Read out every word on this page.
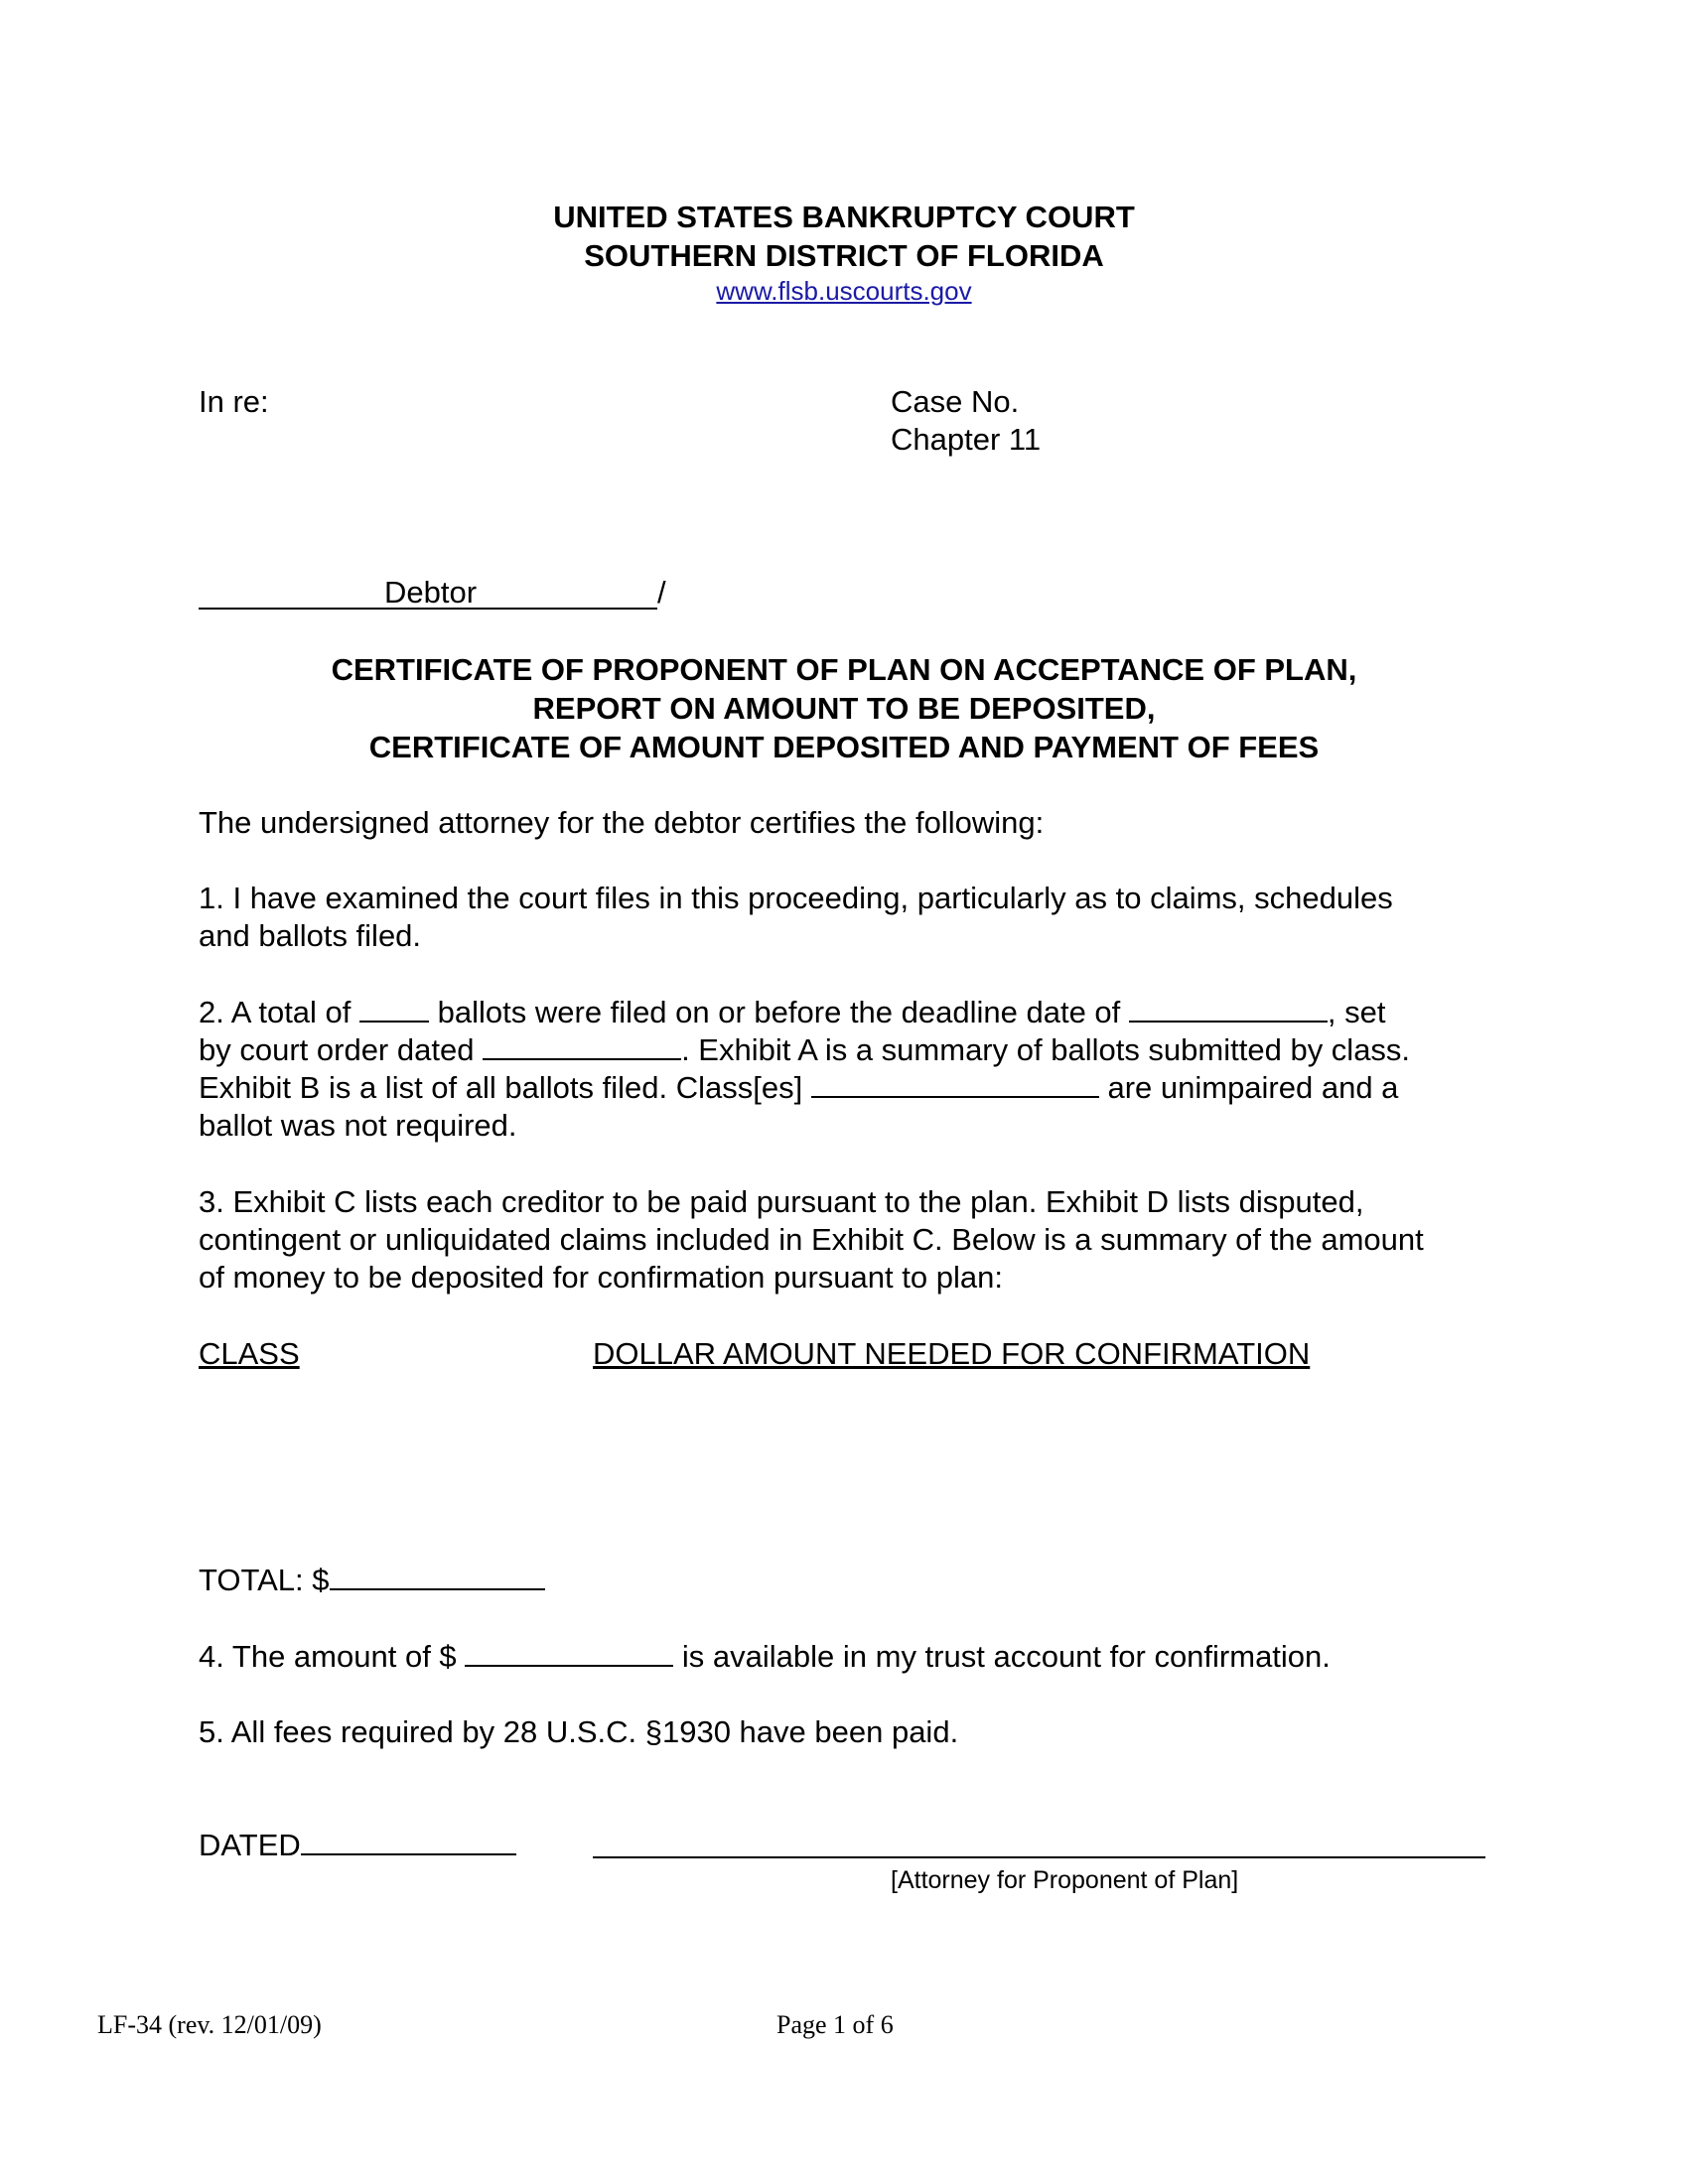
UNITED STATES BANKRUPTCY COURT
SOUTHERN DISTRICT OF FLORIDA
www.flsb.uscourts.gov
In re:	Case No.
Chapter 11
Debtor	/
CERTIFICATE OF PROPONENT OF PLAN ON ACCEPTANCE OF PLAN,
REPORT ON AMOUNT TO BE DEPOSITED,
CERTIFICATE OF AMOUNT DEPOSITED AND PAYMENT OF FEES
The undersigned attorney for the debtor certifies the following:
1. I have examined the court files in this proceeding, particularly as to claims, schedules
and ballots filed.
2. A total of	ballots were filed on or before the deadline date of	, set
by court order dated	. Exhibit A is a summary of ballots submitted by class.
Exhibit B is a list of all ballots filed. Class[es]	are unimpaired and a
ballot was not required.
3. Exhibit C lists each creditor to be paid pursuant to the plan. Exhibit D lists disputed,
contingent or unliquidated claims included in Exhibit C. Below is a summary of the amount
of money to be deposited for confirmation pursuant to plan:
CLASS	DOLLAR AMOUNT NEEDED FOR CONFIRMATION
TOTAL: $
4. The amount of $	is available in my trust account for confirmation.
5. All fees required by 28 U.S.C. §1930 have been paid.
DATED
[Attorney for Proponent of Plan]
LF-34 (rev. 12/01/09)	Page 1 of 6
